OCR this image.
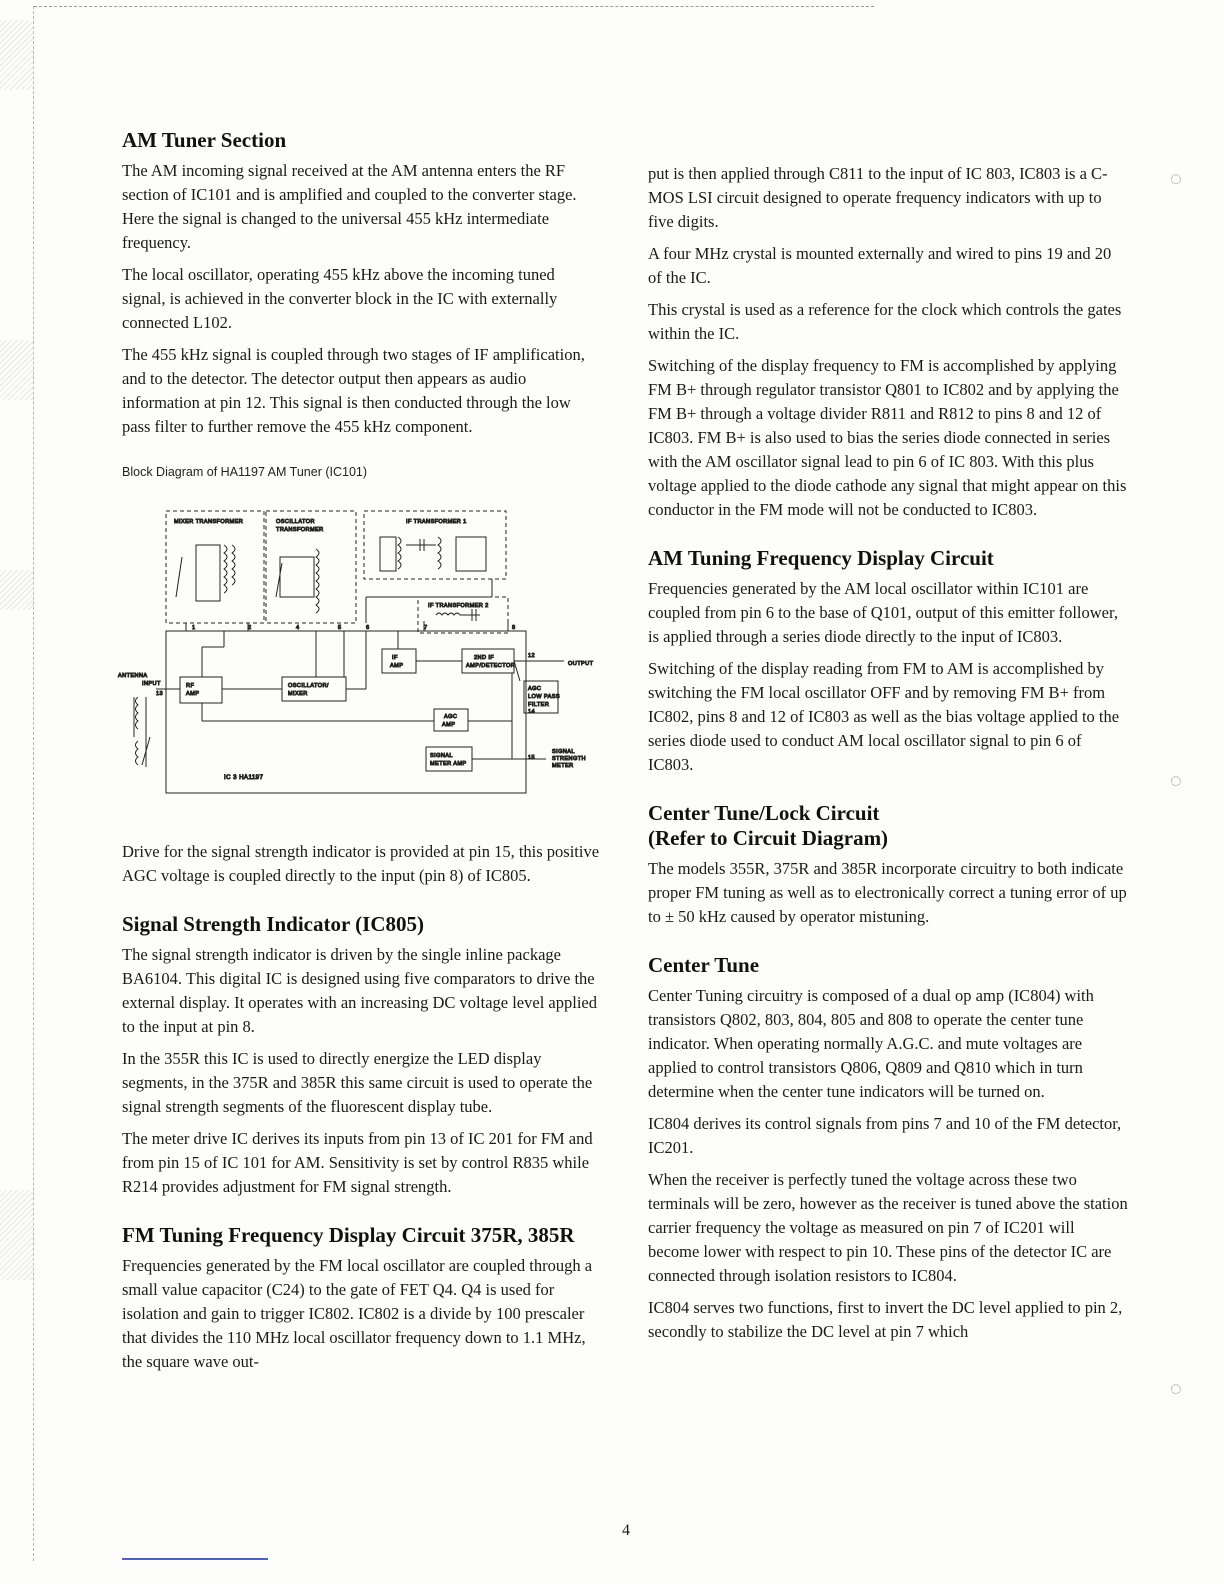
◌
◌
◌
AM Tuner Section

The AM incoming signal received at the AM antenna enters the RF section of IC101 and is amplified and coupled to the converter stage. Here the signal is changed to the universal 455 kHz intermediate frequency.

The local oscillator, operating 455 kHz above the incoming tuned signal, is achieved in the converter block in the IC with externally connected L102.

The 455 kHz signal is coupled through two stages of IF amplification, and to the detector. The detector output then appears as audio information at pin 12. This signal is then conducted through the low pass filter to further remove the 455 kHz component.

Block Diagram of HA1197 AM Tuner (IC101)
MIXER TRANSFORMER	OSCILLATOR
TRANSFORMER
IF TRANSFORMER 1
IF TRANSFORMER 2
IC 3 HA1197
1	2	4	5	6	7	8
12
14
15
13
RF
AMP
OSCILLATOR/
MIXER
IF
AMP
2ND IF
AMP/DETECTOR
AGC
LOW PASS
FILTER
AGC
AMP
SIGNAL
METER AMP
ANTENNA
INPUT
OUTPUT
SIGNAL
STRENGTH
METER

Drive for the signal strength indicator is provided at pin 15, this positive AGC voltage is coupled directly to the input (pin 8) of IC805.

Signal Strength Indicator (IC805)

The signal strength indicator is driven by the single inline package BA6104. This digital IC is designed using five comparators to drive the external display. It operates with an increasing DC voltage level applied to the input at pin 8.

In the 355R this IC is used to directly energize the LED display segments, in the 375R and 385R this same circuit is used to operate the signal strength segments of the fluorescent display tube.

The meter drive IC derives its inputs from pin 13 of IC 201 for FM and from pin 15 of IC 101 for AM. Sensitivity is set by control R835 while R214 provides adjustment for FM signal strength.

FM Tuning Frequency Display Circuit 375R, 385R

Frequencies generated by the FM local oscillator are coupled through a small value capacitor (C24) to the gate of FET Q4. Q4 is used for isolation and gain to trigger IC802. IC802 is a divide by 100 prescaler that divides the 110 MHz local oscillator frequency down to 1.1 MHz, the square wave out-

put is then applied through C811 to the input of IC 803, IC803 is a C-MOS LSI circuit designed to operate frequency indicators with up to five digits.

A four MHz crystal is mounted externally and wired to pins 19 and 20 of the IC.

This crystal is used as a reference for the clock which controls the gates within the IC.

Switching of the display frequency to FM is accomplished by applying FM B+ through regulator transistor Q801 to IC802 and by applying the FM B+ through a voltage divider R811 and R812 to pins 8 and 12 of IC803. FM B+ is also used to bias the series diode connected in series with the AM oscillator signal lead to pin 6 of IC 803. With this plus voltage applied to the diode cathode any signal that might appear on this conductor in the FM mode will not be conducted to IC803.

AM Tuning Frequency Display Circuit

Frequencies generated by the AM local oscillator within IC101 are coupled from pin 6 to the base of Q101, output of this emitter follower, is applied through a series diode directly to the input of IC803.

Switching of the display reading from FM to AM is accomplished by switching the FM local oscillator OFF and by removing FM B+ from IC802, pins 8 and 12 of IC803 as well as the bias voltage applied to the series diode used to conduct AM local oscillator signal to pin 6 of IC803.

Center Tune/Lock Circuit
(Refer to Circuit Diagram)

The models 355R, 375R and 385R incorporate circuitry to both indicate proper FM tuning as well as to electronically correct a tuning error of up to ± 50 kHz caused by operator mistuning.

Center Tune

Center Tuning circuitry is composed of a dual op amp (IC804) with transistors Q802, 803, 804, 805 and 808 to operate the center tune indicator. When operating normally A.G.C. and mute voltages are applied to control transistors Q806, Q809 and Q810 which in turn determine when the center tune indicators will be turned on.

IC804 derives its control signals from pins 7 and 10 of the FM detector, IC201.

When the receiver is perfectly tuned the voltage across these two terminals will be zero, however as the receiver is tuned above the station carrier frequency the voltage as measured on pin 7 of IC201 will become lower with respect to pin 10. These pins of the detector IC are connected through isolation resistors to IC804.

IC804 serves two functions, first to invert the DC level applied to pin 2, secondly to stabilize the DC level at pin 7 which

4
